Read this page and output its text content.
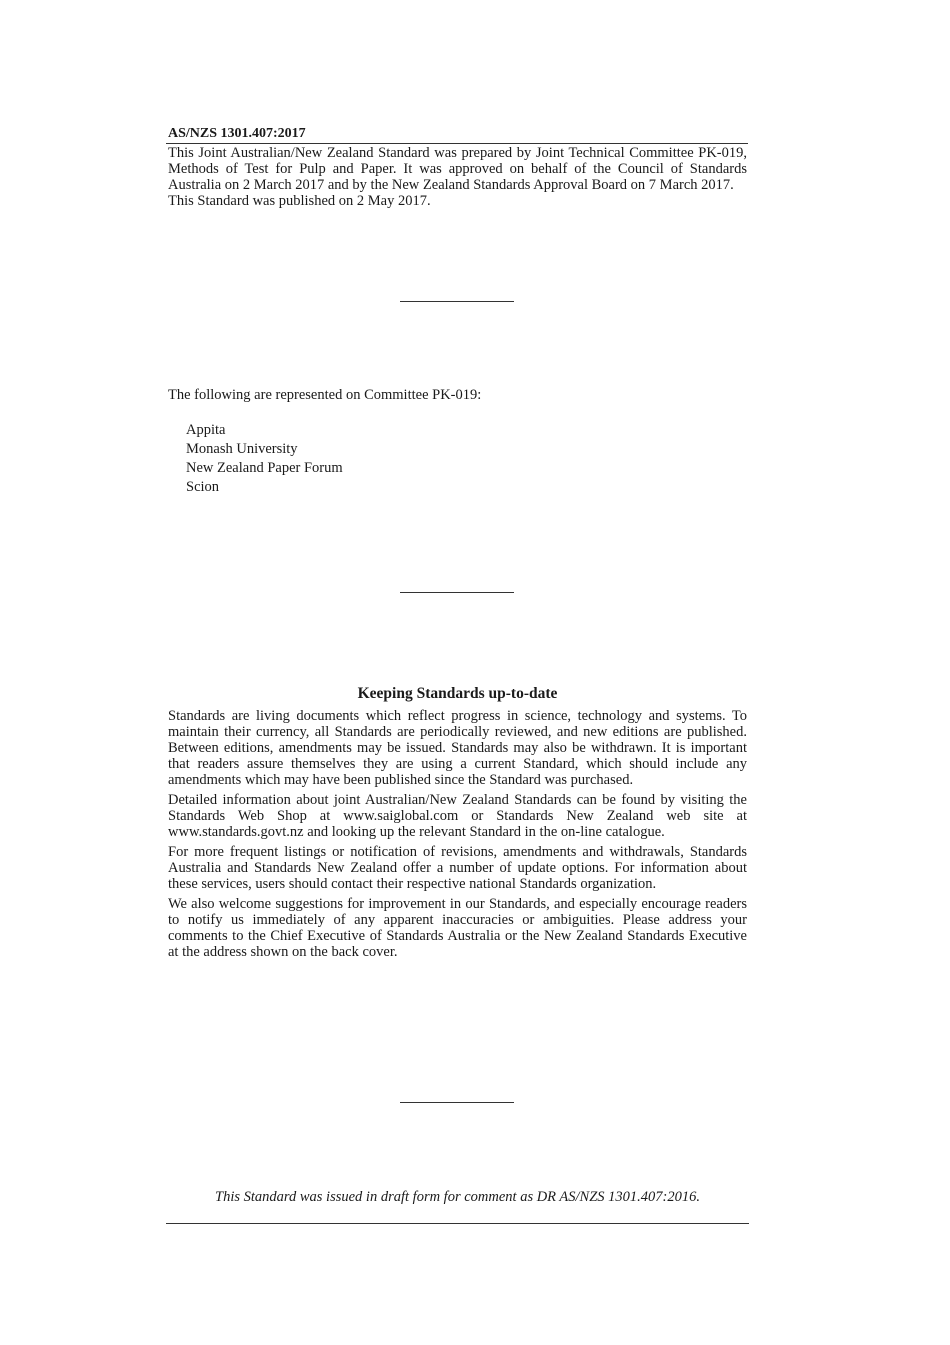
AS/NZS 1301.407:2017
This Joint Australian/New Zealand Standard was prepared by Joint Technical Committee PK-019, Methods of Test for Pulp and Paper. It was approved on behalf of the Council of Standards Australia on 2 March 2017 and by the New Zealand Standards Approval Board on 7 March 2017.
This Standard was published on 2 May 2017.
The following are represented on Committee PK-019:
Appita
Monash University
New Zealand Paper Forum
Scion
Keeping Standards up-to-date

Standards are living documents which reflect progress in science, technology and systems. To maintain their currency, all Standards are periodically reviewed, and new editions are published. Between editions, amendments may be issued. Standards may also be withdrawn. It is important that readers assure themselves they are using a current Standard, which should include any amendments which may have been published since the Standard was purchased.

Detailed information about joint Australian/New Zealand Standards can be found by visiting the Standards Web Shop at www.saiglobal.com or Standards New Zealand web site at www.standards.govt.nz and looking up the relevant Standard in the on-line catalogue.

For more frequent listings or notification of revisions, amendments and withdrawals, Standards Australia and Standards New Zealand offer a number of update options. For information about these services, users should contact their respective national Standards organization.

We also welcome suggestions for improvement in our Standards, and especially encourage readers to notify us immediately of any apparent inaccuracies or ambiguities. Please address your comments to the Chief Executive of Standards Australia or the New Zealand Standards Executive at the address shown on the back cover.

This Standard was issued in draft form for comment as DR AS/NZS 1301.407:2016.
